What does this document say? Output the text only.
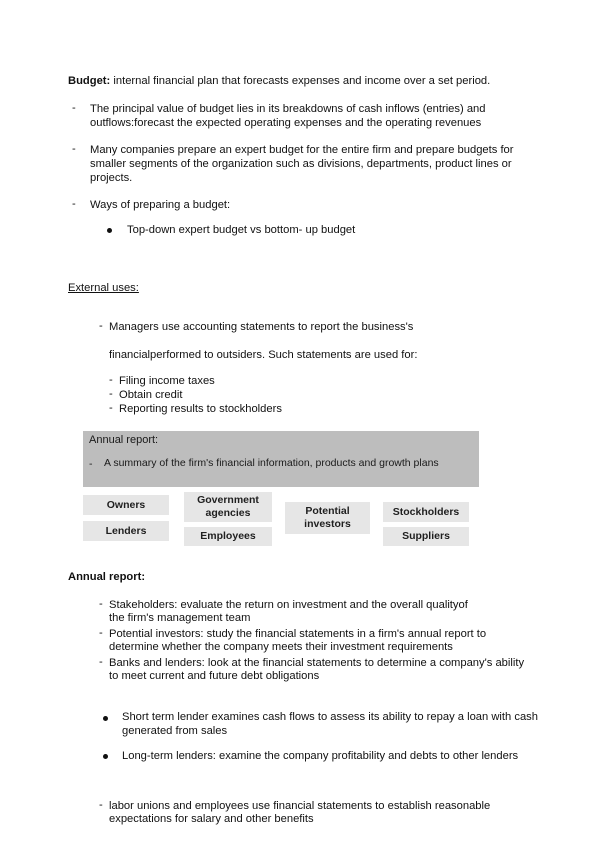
Budget: internal financial plan that forecasts expenses and income over a set period.
- The principal value of budget lies in its breakdowns of cash inflows (entries) and
outflows:forecast the expected operating expenses and the operating revenues
- Many companies prepare an expert budget for the entire firm and prepare budgets for
smaller segments of the organization such as divisions, departments, product lines or
projects.
- Ways of preparing a budget:
Top-down expert budget vs bottom- up budget
External uses:
- Managers use accounting statements to report the business's
financialperformed to outsiders. Such statements are used for:
- Filing income taxes
- Obtain credit
- Reporting results to stockholders
Annual report:
- A summary of the firm's financial information, products and growth plans
Owners
Lenders
Government agencies
Employees
Potential investors
Stockholders
Suppliers
Annual report:
- Stakeholders: evaluate the return on investment and the overall qualityof
the firm's management team
- Potential investors: study the financial statements in a firm's annual report to
determine whether the company meets their investment requirements
- Banks and lenders: look at the financial statements to determine a company's ability
to meet current and future debt obligations
Short term lender examines cash flows to assess its ability to repay a loan with cash
generated from sales
Long-term lenders: examine the company profitability and debts to other lenders
- labor unions and employees use financial statements to establish reasonable
expectations for salary and other benefits
